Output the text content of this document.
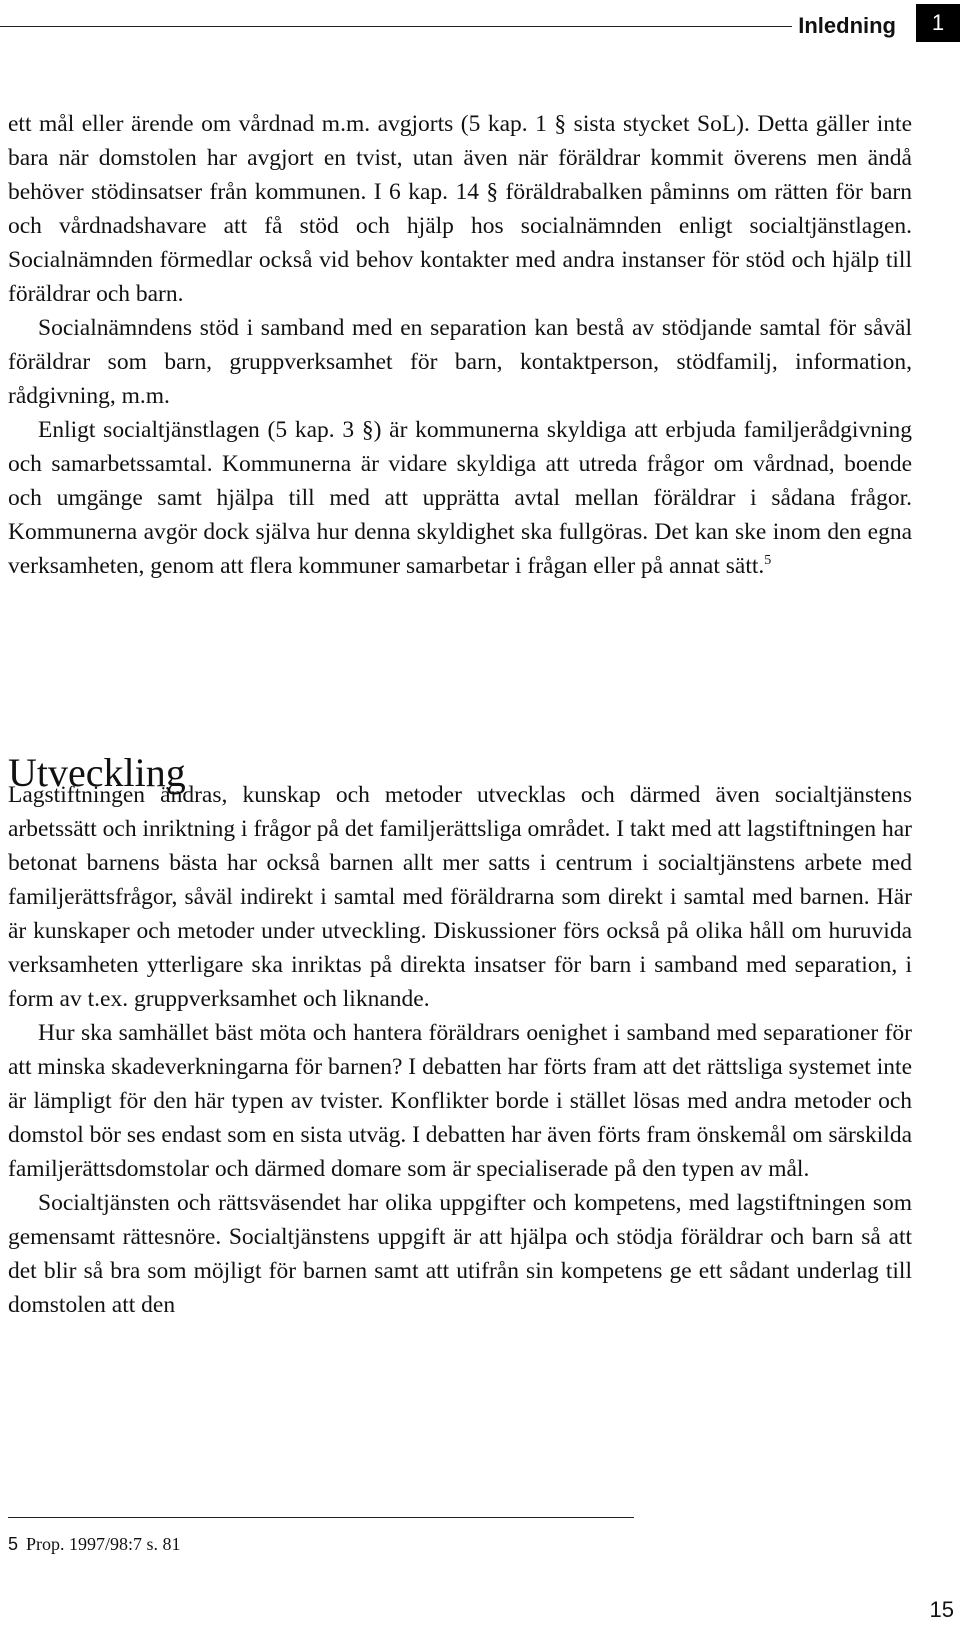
Inledning	1

ett mål eller ärende om vårdnad m.m. avgjorts (5 kap. 1 § sista stycket SoL). Detta gäller inte bara när domstolen har avgjort en tvist, utan även när föräldrar kommit överens men ändå behöver stödinsatser från kommunen. I 6 kap. 14 § föräldrabalken påminns om rätten för barn och vårdnadshavare att få stöd och hjälp hos socialnämnden enligt socialtjänstlagen. Socialnämnden förmedlar också vid behov kontakter med andra instanser för stöd och hjälp till föräldrar och barn.

Socialnämndens stöd i samband med en separation kan bestå av stödjande samtal för såväl föräldrar som barn, gruppverksamhet för barn, kontaktperson, stödfamilj, information, rådgivning, m.m.

Enligt socialtjänstlagen (5 kap. 3 §) är kommunerna skyldiga att erbjuda familjerådgivning och samarbetssamtal. Kommunerna är vidare skyldiga att utreda frågor om vårdnad, boende och umgänge samt hjälpa till med att upprätta avtal mellan föräldrar i sådana frågor. Kommunerna avgör dock själva hur denna skyldighet ska fullgöras. Det kan ske inom den egna verksamheten, genom att flera kommuner samarbetar i frågan eller på annat sätt.$^5$

Utveckling

Lagstiftningen ändras, kunskap och metoder utvecklas och därmed även socialtjänstens arbetssätt och inriktning i frågor på det familjerättsliga området. I takt med att lagstiftningen har betonat barnens bästa har också barnen allt mer satts i centrum i socialtjänstens arbete med familjerättsfrågor, såväl indirekt i samtal med föräldrarna som direkt i samtal med barnen. Här är kunskaper och metoder under utveckling. Diskussioner förs också på olika håll om huruvida verksamheten ytterligare ska inriktas på direkta insatser för barn i samband med separation, i form av t.ex. gruppverksamhet och liknande.

Hur ska samhället bäst möta och hantera föräldrars oenighet i samband med separationer för att minska skadeverkningarna för barnen? I debatten har förts fram att det rättsliga systemet inte är lämpligt för den här typen av tvister. Konflikter borde i stället lösas med andra metoder och domstol bör ses endast som en sista utväg. I debatten har även förts fram önskemål om särskilda familjerättsdomstolar och därmed domare som är specialiserade på den typen av mål.

Socialtjänsten och rättsväsendet har olika uppgifter och kompetens, med lagstiftningen som gemensamt rättesnöre. Socialtjänstens uppgift är att hjälpa och stödja föräldrar och barn så att det blir så bra som möjligt för barnen samt att utifrån sin kompetens ge ett sådant underlag till domstolen att den

5 Prop. 1997/98:7 s. 81
15
